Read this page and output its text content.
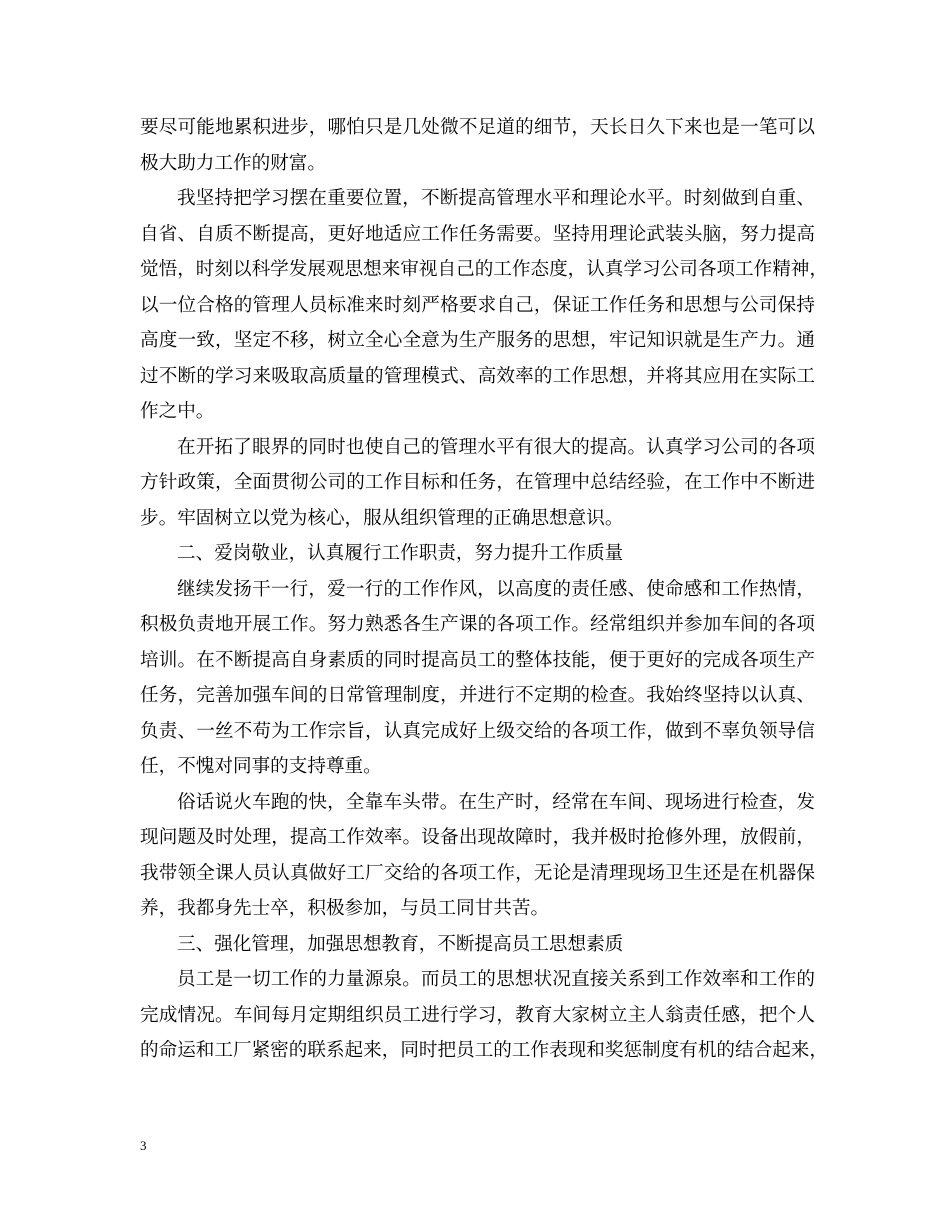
要尽可能地累积进步，哪怕只是几处微不足道的细节，天长日久下来也是一笔可以
极大助力工作的财富。
我坚持把学习摆在重要位置，不断提高管理水平和理论水平。时刻做到自重、
自省、自质不断提高，更好地适应工作任务需要。坚持用理论武装头脑，努力提高
觉悟，时刻以科学发展观思想来审视自己的工作态度，认真学习公司各项工作精神，
以一位合格的管理人员标准来时刻严格要求自己，保证工作任务和思想与公司保持
高度一致，坚定不移，树立全心全意为生产服务的思想，牢记知识就是生产力。通
过不断的学习来吸取高质量的管理模式、高效率的工作思想，并将其应用在实际工
作之中。
在开拓了眼界的同时也使自己的管理水平有很大的提高。认真学习公司的各项
方针政策，全面贯彻公司的工作目标和任务，在管理中总结经验，在工作中不断进
步。牢固树立以党为核心，服从组织管理的正确思想意识。
二、爱岗敬业，认真履行工作职责，努力提升工作质量
继续发扬干一行，爱一行的工作作风，以高度的责任感、使命感和工作热情，
积极负责地开展工作。努力熟悉各生产课的各项工作。经常组织并参加车间的各项
培训。在不断提高自身素质的同时提高员工的整体技能，便于更好的完成各项生产
任务，完善加强车间的日常管理制度，并进行不定期的检查。我始终坚持以认真、
负责、一丝不苟为工作宗旨，认真完成好上级交给的各项工作，做到不辜负领导信
任，不愧对同事的支持尊重。
俗话说火车跑的快，全靠车头带。在生产时，经常在车间、现场进行检查，发
现问题及时处理，提高工作效率。设备出现故障时，我并极时抢修外理，放假前，
我带领全课人员认真做好工厂交给的各项工作，无论是清理现场卫生还是在机器保
养，我都身先士卒，积极参加，与员工同甘共苦。
三、强化管理，加强思想教育，不断提高员工思想素质
员工是一切工作的力量源泉。而员工的思想状况直接关系到工作效率和工作的
完成情况。车间每月定期组织员工进行学习，教育大家树立主人翁责任感，把个人
的命运和工厂紧密的联系起来，同时把员工的工作表现和奖惩制度有机的结合起来，
3
